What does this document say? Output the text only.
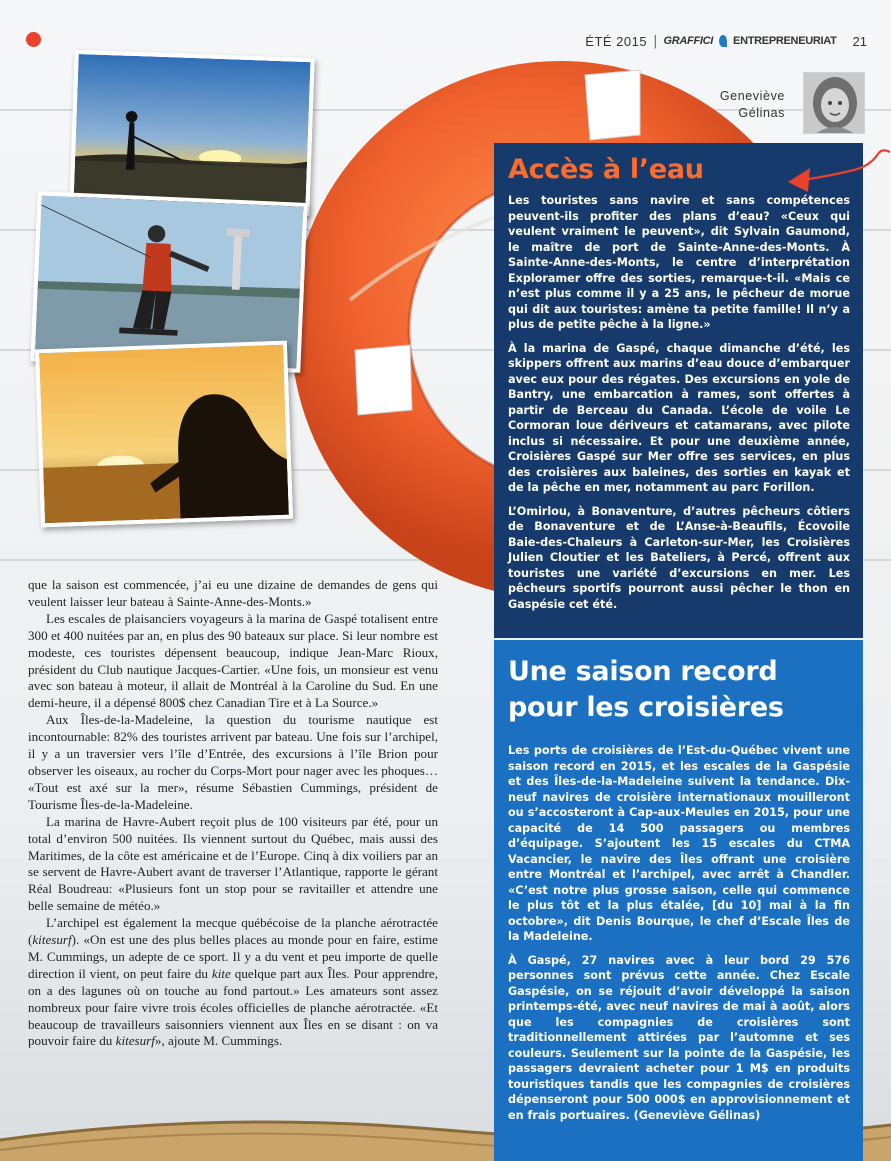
ÉTÉ 2015 | GRAFFICI ENTREPRENEURIAT 21
Geneviève
Gélinas

que la saison est commencée, j’ai eu une dizaine de demandes de gens qui veulent laisser leur bateau à Sainte-Anne-des-Monts.»

Les escales de plaisanciers voyageurs à la marina de Gaspé totalisent entre 300 et 400 nuitées par an, en plus des 90 bateaux sur place. Si leur nombre est modeste, ces touristes dépensent beaucoup, indique Jean-Marc Rioux, président du Club nautique Jacques-Cartier. «Une fois, un monsieur est venu avec son bateau à moteur, il allait de Montréal à la Caroline du Sud. En une demi-heure, il a dépensé 800$ chez Canadian Tire et à La Source.»

Aux Îles-de-la-Madeleine, la question du tourisme nautique est incontournable: 82% des touristes arrivent par bateau. Une fois sur l’archipel, il y a un traversier vers l’île d’Entrée, des excursions à l’île Brion pour observer les oiseaux, au rocher du Corps-Mort pour nager avec les phoques… «Tout est axé sur la mer», résume Sébastien Cummings, président de Tourisme Îles-de-la-Madeleine.

La marina de Havre-Aubert reçoit plus de 100 visiteurs par été, pour un total d’environ 500 nuitées. Ils viennent surtout du Québec, mais aussi des Maritimes, de la côte est américaine et de l’Europe. Cinq à dix voiliers par an se servent de Havre-Aubert avant de traverser l’Atlantique, rapporte le gérant Réal Boudreau: «Plusieurs font un stop pour se ravitailler et attendre une belle semaine de météo.»

L’archipel est également la mecque québécoise de la planche aérotractée (kitesurf). «On est une des plus belles places au monde pour en faire, estime M. Cummings, un adepte de ce sport. Il y a du vent et peu importe de quelle direction il vient, on peut faire du kite quelque part aux Îles. Pour apprendre, on a des lagunes où on touche au fond partout.» Les amateurs sont assez nombreux pour faire vivre trois écoles officielles de planche aérotractée. «Et beaucoup de travailleurs saisonniers viennent aux Îles en se disant : on va pouvoir faire du kitesurf», ajoute M. Cummings.

Accès à l’eau

Les touristes sans navire et sans compétences peuvent-ils profiter des plans d’eau? «Ceux qui veulent vraiment le peuvent», dit Sylvain Gaumond, le maître de port de Sainte-Anne-des-Monts. À Sainte-Anne-des-Monts, le centre d’interprétation Exploramer offre des sorties, remarque-t-il. «Mais ce n’est plus comme il y a 25 ans, le pêcheur de morue qui dit aux touristes: amène ta petite famille! Il n’y a plus de petite pêche à la ligne.»

À la marina de Gaspé, chaque dimanche d’été, les skippers offrent aux marins d’eau douce d’embarquer avec eux pour des régates. Des excursions en yole de Bantry, une embarcation à rames, sont offertes à partir de Berceau du Canada. L’école de voile Le Cormoran loue dériveurs et catamarans, avec pilote inclus si nécessaire. Et pour une deuxième année, Croisières Gaspé sur Mer offre ses services, en plus des croisières aux baleines, des sorties en kayak et de la pêche en mer, notamment au parc Forillon.

L’Omirlou, à Bonaventure, d’autres pêcheurs côtiers de Bonaventure et de L’Anse-à-Beaufils, Écovoile Baie-des-Chaleurs à Carleton-sur-Mer, les Croisières Julien Cloutier et les Bateliers, à Percé, offrent aux touristes une variété d’excursions en mer. Les pêcheurs sportifs pourront aussi pêcher le thon en Gaspésie cet été.

Une saison record
pour les croisières

Les ports de croisières de l’Est-du-Québec vivent une saison record en 2015, et les escales de la Gaspésie et des Îles-de-la-Madeleine suivent la tendance. Dix-neuf navires de croisière internationaux mouilleront ou s’accosteront à Cap-aux-Meules en 2015, pour une capacité de 14 500 passagers ou membres d’équipage. S’ajoutent les 15 escales du CTMA Vacancier, le navire des Îles offrant une croisière entre Montréal et l’archipel, avec arrêt à Chandler. «C’est notre plus grosse saison, celle qui commence le plus tôt et la plus étalée, [du 10] mai à la fin octobre», dit Denis Bourque, le chef d’Escale Îles de la Madeleine.

À Gaspé, 27 navires avec à leur bord 29 576 personnes sont prévus cette année. Chez Escale Gaspésie, on se réjouit d’avoir développé la saison printemps-été, avec neuf navires de mai à août, alors que les compagnies de croisières sont traditionnellement attirées par l’automne et ses couleurs. Seulement sur la pointe de la Gaspésie, les passagers devraient acheter pour 1 M$ en produits touristiques tandis que les compagnies de croisières dépenseront pour 500 000$ en approvisionnement et en frais portuaires. (Geneviève Gélinas)
